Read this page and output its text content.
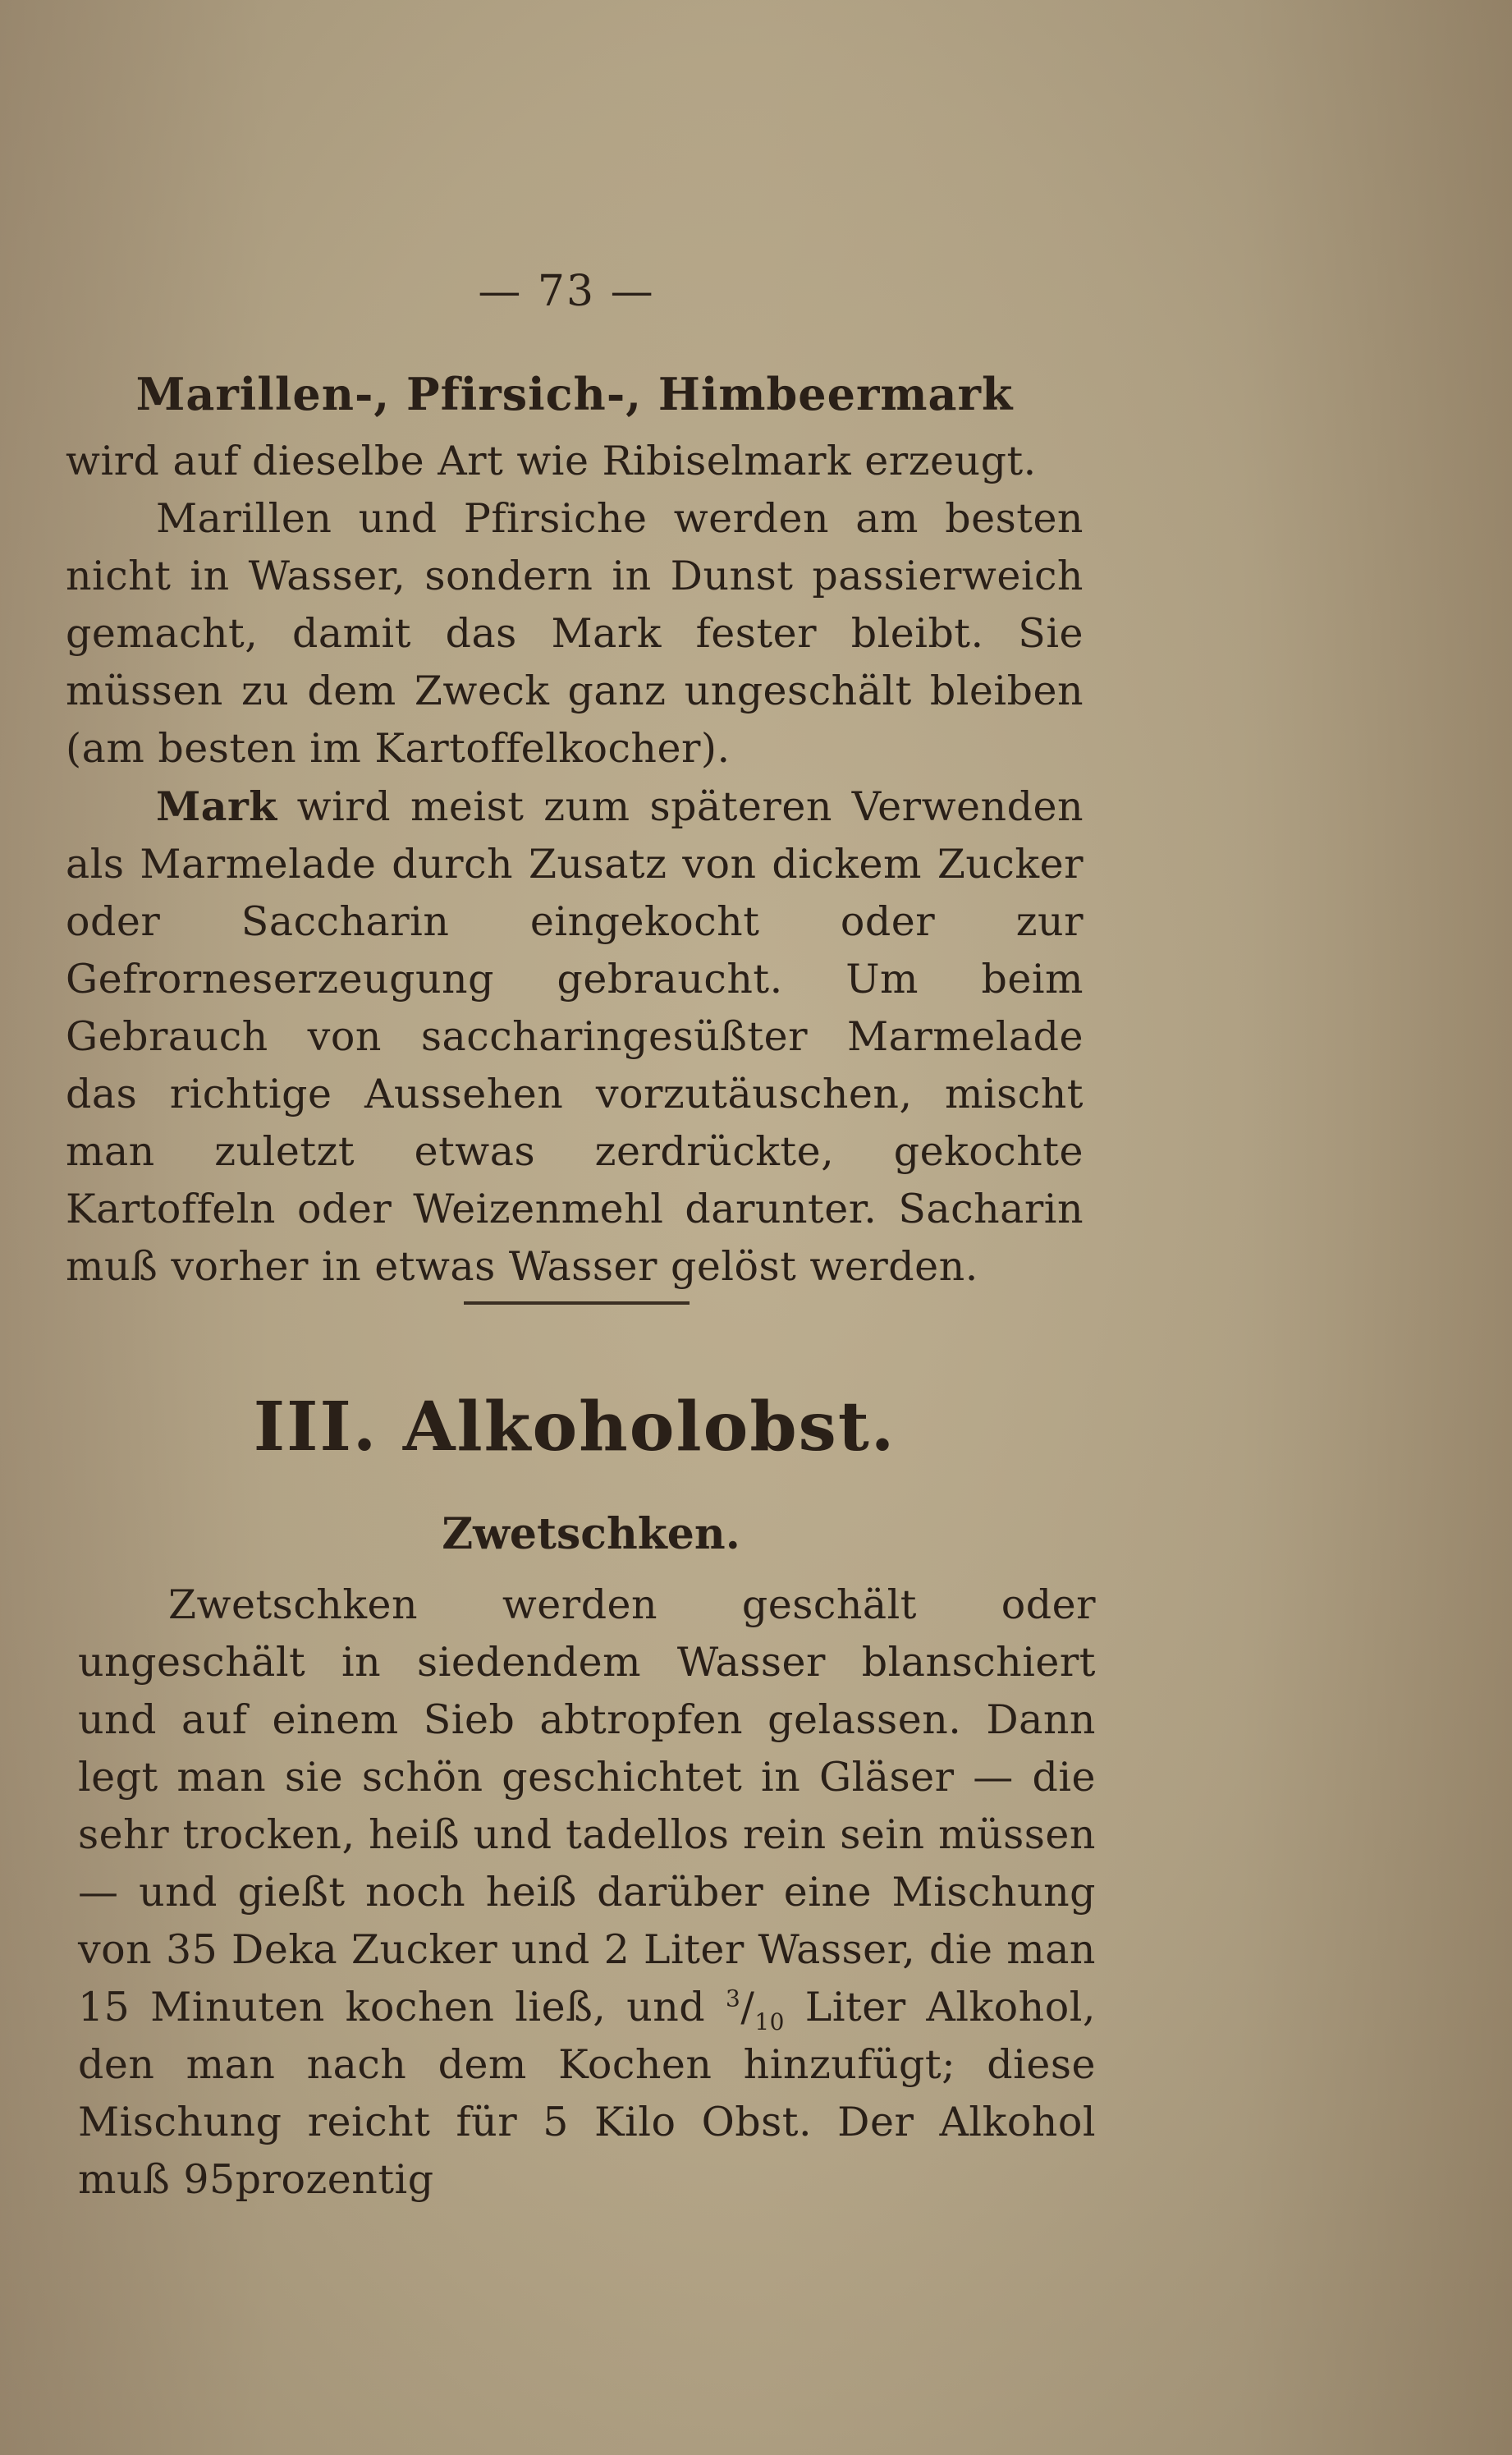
— 73 —
Marillen-, Pfirsich-, Himbeermark

wird auf dieselbe Art wie Ribiselmark erzeugt.

Marillen und Pfirsiche werden am besten nicht in Wasser, sondern in Dunst passierweich gemacht, damit das Mark fester bleibt. Sie müssen zu dem Zweck ganz ungeschält bleiben (am besten im Kartoffelkocher).

Mark wird meist zum späteren Verwenden als Marmelade durch Zusatz von dickem Zucker oder Saccharin eingekocht oder zur Gefrorneserzeugung gebraucht. Um beim Gebrauch von saccharingesüßter Marmelade das richtige Aussehen vorzutäuschen, mischt man zuletzt etwas zerdrückte, gekochte Kartoffeln oder Weizenmehl darunter. Sacharin muß vorher in etwas Wasser gelöst werden.

III. Alkoholobst.
Zwetschken.

Zwetschken werden geschält oder ungeschält in siedendem Wasser blanschiert und auf einem Sieb abtropfen gelassen. Dann legt man sie schön geschichtet in Gläser — die sehr trocken, heiß und tadellos rein sein müssen — und gießt noch heiß darüber eine Mischung von 35 Deka Zucker und 2 Liter Wasser, die man 15 Minuten kochen ließ, und $^3/_{10}$ Liter Alkohol, den man nach dem Kochen hinzufügt; diese Mischung reicht für 5 Kilo Obst. Der Alkohol muß 95prozentig
